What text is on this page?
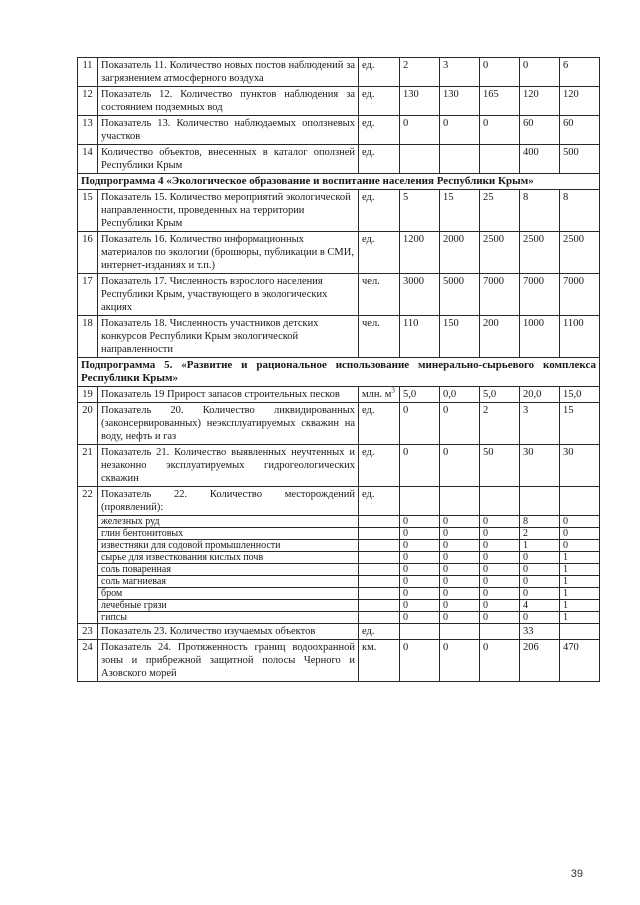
11	Показатель 11. Количество новых постов наблюдений за загрязнением атмосферного воздуха	ед.	2	3	0	0	6
12	Показатель 12. Количество пунктов наблюдения за состоянием подземных вод	ед.	130	130	165	120	120
13	Показатель 13. Количество наблюдаемых оползневых участков	ед.	0	0	0	60	60
14	Количество объектов, внесенных в каталог оползней Республики Крым	ед.				400	500
Подпрограмма 4 «Экологическое образование и воспитание населения Республики Крым»							
15	Показатель 15. Количество мероприятий экологической направленности, проведенных на территории Республики Крым	ед.	5	15	25	8	8
16	Показатель 16. Количество информационных материалов по экологии (брошюры, публикации в СМИ, интернет-изданиях и т.п.)	ед.	1200	2000	2500	2500	2500
17	Показатель 17. Численность взрослого населения Республики Крым, участвующего в экологических акциях	чел.	3000	5000	7000	7000	7000
18	Показатель 18. Численность участников детских конкурсов Республики Крым экологической направленности	чел.	110	150	200	1000	1100
Подпрограмма 5. «Развитие и рациональное использование минерально-сырьевого комплекса Республики Крым»							
19	Показатель 19 Прирост запасов строительных песков	млн. $м^3$	5,0	0,0	5,0	20,0	15,0
20	Показатель 20. Количество ликвидированных (законсервированных) неэксплуатируемых скважин на воду, нефть и газ	ед.	0	0	2	3	15
21	Показатель 21. Количество выявленных неучтенных и незаконно эксплуатируемых гидрогеологических скважин	ед.	0	0	50	30	30
22	Показатель 22. Количество месторождений (проявлений):	ед.					
	железных руд		0	0	0	8	0
	глин бентонитовых		0	0	0	2	0
	известняки для содовой промышленности		0	0	0	1	0
	сырье для известкования кислых почв		0	0	0	0	1
	соль поваренная		0	0	0	0	1
	соль магниевая		0	0	0	0	1
	бром		0	0	0	0	1
	лечебные грязи		0	0	0	4	1
	гипсы		0	0	0	0	1
23	Показатель 23. Количество изучаемых объектов	ед.				33	
24	Показатель 24. Протяженность границ водоохранной зоны и прибрежной защитной полосы Черного и Азовского морей	км.	0	0	0	206	470
39
